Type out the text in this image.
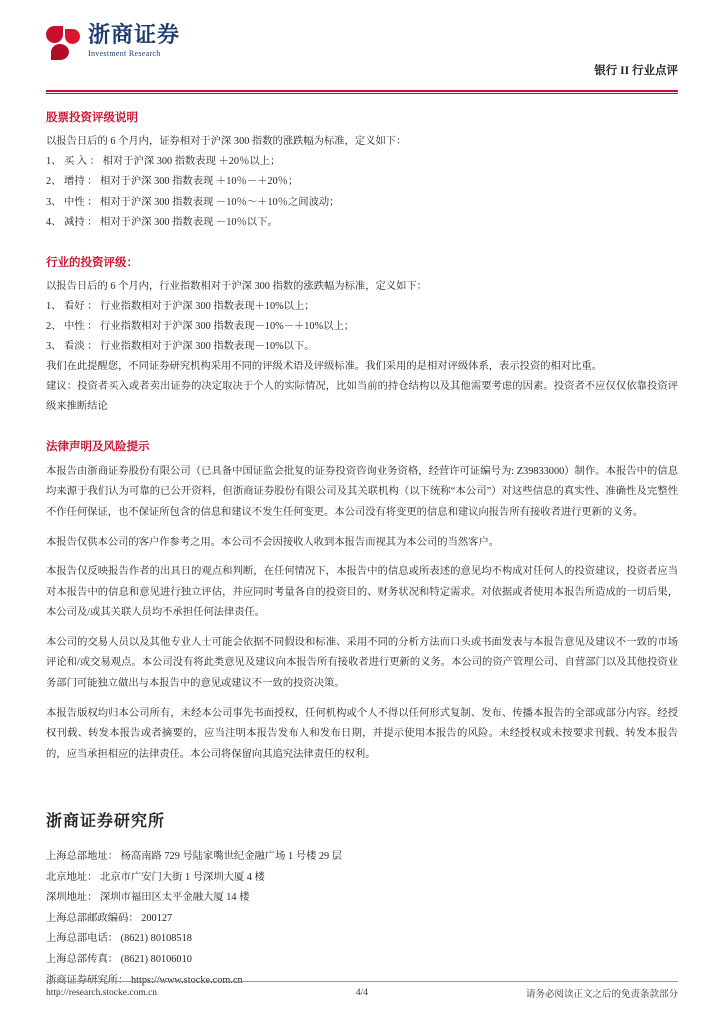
浙商证券
Investment Research
银行 II 行业点评
股票投资评级说明

以报告日后的 6 个月内，证券相对于沪深 300 指数的涨跌幅为标准，定义如下：

1、 买 入 ： 相对于沪深 300 指数表现 ＋20％以上；

2、 增持 ： 相对于沪深 300 指数表现 ＋10％－＋20％；

3、 中性 ： 相对于沪深 300 指数表现 －10％～＋10％之间波动；

4、 减持 ： 相对于沪深 300 指数表现 －10％以下。

行业的投资评级：

以报告日后的 6 个月内，行业指数相对于沪深 300 指数的涨跌幅为标准，定义如下：

1、 看好 ： 行业指数相对于沪深 300 指数表现＋10%以上；

2、 中性 ： 行业指数相对于沪深 300 指数表现－10%－＋10%以上；

3、 看淡 ： 行业指数相对于沪深 300 指数表现－10%以下。

我们在此提醒您，不同证券研究机构采用不同的评级术语及评级标准。我们采用的是相对评级体系，表示投资的相对比重。

建议：投资者买入或者卖出证券的决定取决于个人的实际情况，比如当前的持仓结构以及其他需要考虑的因素。投资者不应仅仅依靠投资评级来推断结论

法律声明及风险提示

本报告由浙商证券股份有限公司（已具备中国证监会批复的证券投资咨询业务资格，经营许可证编号为: Z39833000）制作。本报告中的信息均来源于我们认为可靠的已公开资料，但浙商证券股份有限公司及其关联机构（以下统称“本公司”）对这些信息的真实性、准确性及完整性不作任何保证，也不保证所包含的信息和建议不发生任何变更。本公司没有将变更的信息和建议向报告所有接收者进行更新的义务。

本报告仅供本公司的客户作参考之用。本公司不会因接收人收到本报告而视其为本公司的当然客户。

本报告仅反映报告作者的出具日的观点和判断，在任何情况下，本报告中的信息或所表述的意见均不构成对任何人的投资建议，投资者应当对本报告中的信息和意见进行独立评估，并应同时考量各自的投资目的、财务状况和特定需求。对依据或者使用本报告所造成的一切后果，本公司及/或其关联人员均不承担任何法律责任。

本公司的交易人员以及其他专业人士可能会依据不同假设和标准、采用不同的分析方法而口头或书面发表与本报告意见及建议不一致的市场评论和/或交易观点。本公司没有将此类意见及建议向本报告所有接收者进行更新的义务。本公司的资产管理公司、自营部门以及其他投资业务部门可能独立做出与本报告中的意见或建议不一致的投资决策。

本报告版权均归本公司所有，未经本公司事先书面授权，任何机构或个人不得以任何形式复制、发布、传播本报告的全部或部分内容。经授权刊载、转发本报告或者摘要的，应当注明本报告发布人和发布日期，并提示使用本报告的风险。未经授权或未按要求刊载、转发本报告的，应当承担相应的法律责任。本公司将保留向其追究法律责任的权利。

浙商证券研究所

上海总部地址： 杨高南路 729 号陆家嘴世纪金融广场 1 号楼 29 层

北京地址： 北京市广安门大街 1 号深圳大厦 4 楼

深圳地址： 深圳市福田区太平金融大厦 14 楼

上海总部邮政编码： 200127

上海总部电话： (8621) 80108518

上海总部传真： (8621) 80106010

浙商证券研究所： https://www.stocke.com.cn

http://research.stocke.com.cn	4/4	请务必阅读正文之后的免责条款部分
